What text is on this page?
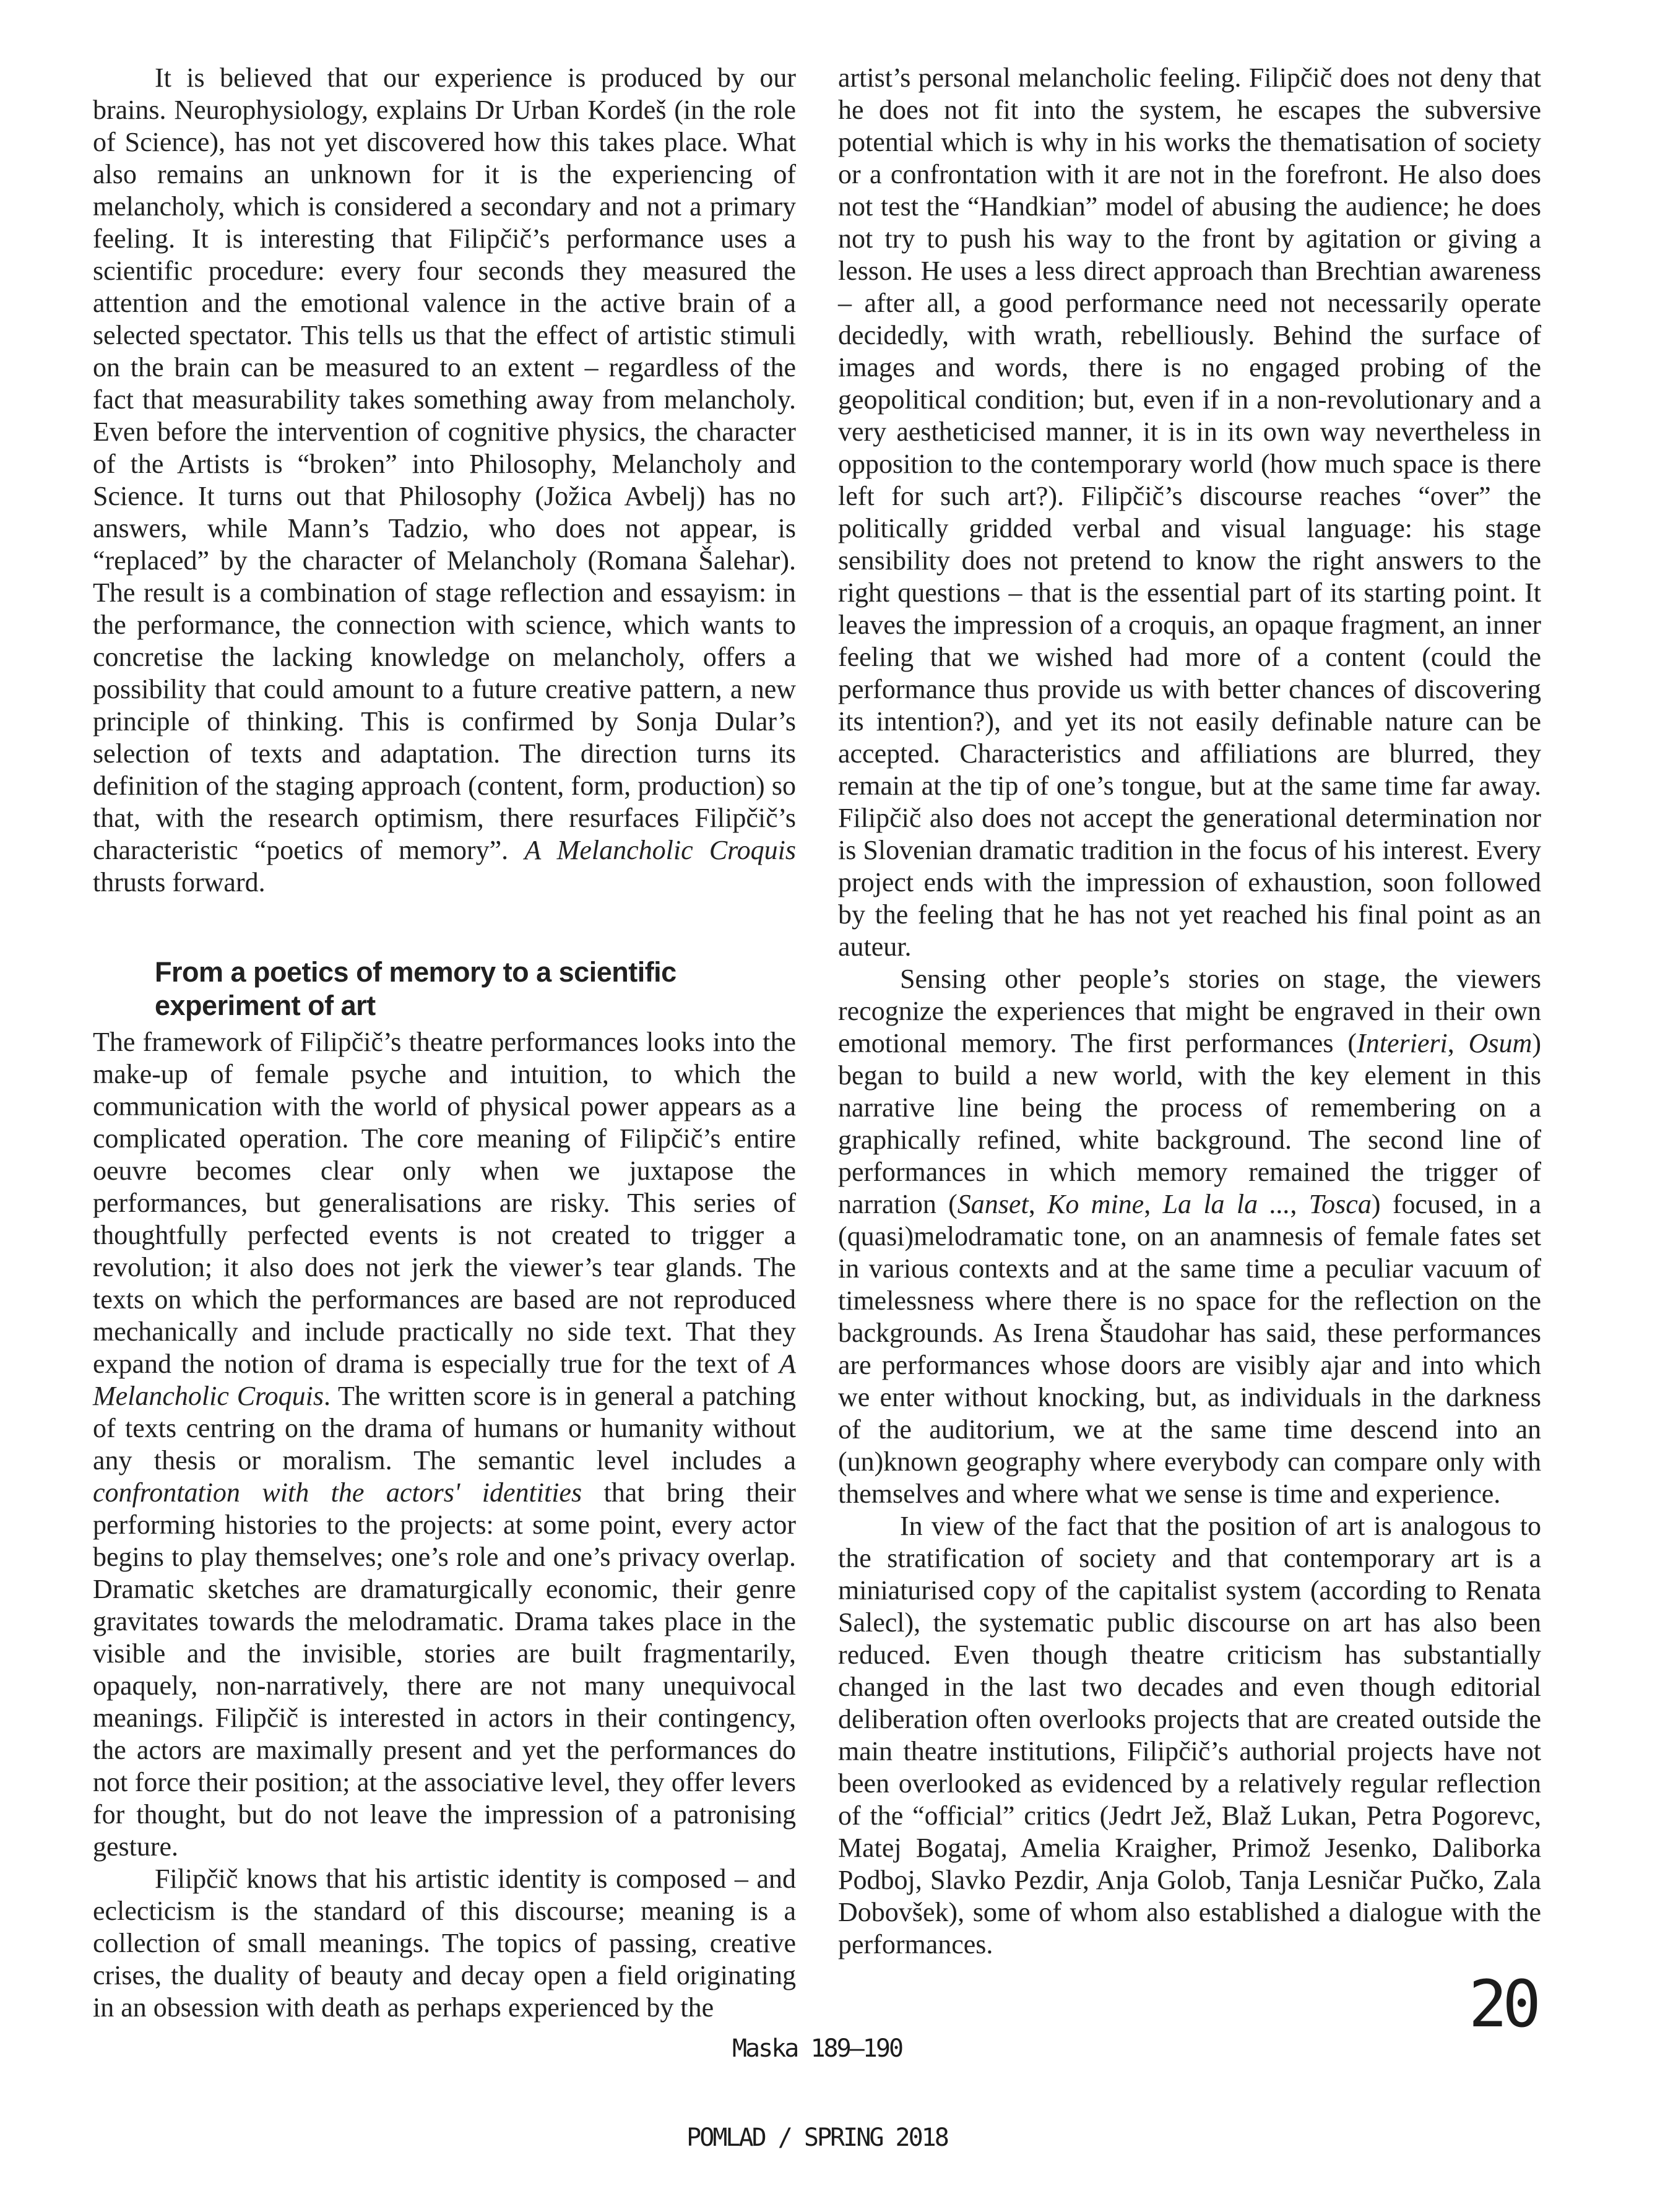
It is believed that our experience is produced by our brains. Neurophysiology, explains Dr Urban Kordeš (in the role of Science), has not yet discovered how this takes place. What also remains an unknown for it is the experiencing of melancholy, which is considered a secondary and not a primary feeling. It is interesting that Filipčič’s performance uses a scientific procedure: every four seconds they measured the attention and the emotional valence in the active brain of a selected spectator. This tells us that the effect of artistic stimuli on the brain can be measured to an extent – regardless of the fact that measurability takes something away from melancholy. Even before the intervention of cognitive physics, the character of the Artists is “broken” into Philosophy, Melancholy and Science. It turns out that Philosophy (Jožica Avbelj) has no answers, while Mann’s Tadzio, who does not appear, is “replaced” by the character of Melancholy (Romana Šalehar). The result is a combination of stage reflection and essayism: in the performance, the connection with science, which wants to concretise the lacking knowledge on melancholy, offers a possibility that could amount to a future creative pattern, a new principle of thinking. This is confirmed by Sonja Dular’s selection of texts and adaptation. The direction turns its definition of the staging approach (content, form, production) so that, with the research optimism, there resurfaces Filipčič’s characteristic “poetics of memory”. A Melancholic Croquis thrusts forward.

From a poetics of memory to a scientific experiment of art

The framework of Filipčič’s theatre performances looks into the make-up of female psyche and intuition, to which the communication with the world of physical power appears as a complicated operation. The core meaning of Filipčič’s entire oeuvre becomes clear only when we juxtapose the performances, but generalisations are risky. This series of thoughtfully perfected events is not created to trigger a revolution; it also does not jerk the viewer’s tear glands. The texts on which the performances are based are not reproduced mechanically and include practically no side text. That they expand the notion of drama is especially true for the text of A Melancholic Croquis. The written score is in general a patching of texts centring on the drama of humans or humanity without any thesis or moralism. The semantic level includes a confrontation with the actors' identities that bring their performing histories to the projects: at some point, every actor begins to play themselves; one’s role and one’s privacy overlap. Dramatic sketches are dramaturgically economic, their genre gravitates towards the melodramatic. Drama takes place in the visible and the invisible, stories are built fragmentarily, opaquely, non-narratively, there are not many unequivocal meanings. Filipčič is interested in actors in their contingency, the actors are maximally present and yet the performances do not force their position; at the associative level, they offer levers for thought, but do not leave the impression of a patronising gesture.

Filipčič knows that his artistic identity is composed – and eclecticism is the standard of this discourse; meaning is a collection of small meanings. The topics of passing, creative crises, the duality of beauty and decay open a field originating in an obsession with death as perhaps experienced by the

artist’s personal melancholic feeling. Filipčič does not deny that he does not fit into the system, he escapes the subversive potential which is why in his works the thematisation of society or a confrontation with it are not in the forefront. He also does not test the “Handkian” model of abusing the audience; he does not try to push his way to the front by agitation or giving a lesson. He uses a less direct approach than Brechtian awareness – after all, a good performance need not necessarily operate decidedly, with wrath, rebelliously. Behind the surface of images and words, there is no engaged probing of the geopolitical condition; but, even if in a non-revolutionary and a very aestheticised manner, it is in its own way nevertheless in opposition to the contemporary world (how much space is there left for such art?). Filipčič’s discourse reaches “over” the politically gridded verbal and visual language: his stage sensibility does not pretend to know the right answers to the right questions – that is the essential part of its starting point. It leaves the impression of a croquis, an opaque fragment, an inner feeling that we wished had more of a content (could the performance thus provide us with better chances of discovering its intention?), and yet its not easily definable nature can be accepted. Characteristics and affiliations are blurred, they remain at the tip of one’s tongue, but at the same time far away. Filipčič also does not accept the generational determination nor is Slovenian dramatic tradition in the focus of his interest. Every project ends with the impression of exhaustion, soon followed by the feeling that he has not yet reached his final point as an auteur.

Sensing other people’s stories on stage, the viewers recognize the experiences that might be engraved in their own emotional memory. The first performances (Interieri, Osum) began to build a new world, with the key element in this narrative line being the process of remembering on a graphically refined, white background. The second line of performances in which memory remained the trigger of narration (Sanset, Ko mine, La la la ..., Tosca) focused, in a (quasi)melodramatic tone, on an anamnesis of female fates set in various contexts and at the same time a peculiar vacuum of timelessness where there is no space for the reflection on the backgrounds. As Irena Štaudohar has said, these performances are performances whose doors are visibly ajar and into which we enter without knocking, but, as individuals in the darkness of the auditorium, we at the same time descend into an (un)known geography where everybody can compare only with themselves and where what we sense is time and experience.

In view of the fact that the position of art is analogous to the stratification of society and that contemporary art is a miniaturised copy of the capitalist system (according to Renata Salecl), the systematic public discourse on art has also been reduced. Even though theatre criticism has substantially changed in the last two decades and even though editorial deliberation often overlooks projects that are created outside the main theatre institutions, Filipčič’s authorial projects have not been overlooked as evidenced by a relatively regular reflection of the “official” critics (Jedrt Jež, Blaž Lukan, Petra Pogorevc, Matej Bogataj, Amelia Kraigher, Primož Jesenko, Daliborka Podboj, Slavko Pezdir, Anja Golob, Tanja Lesničar Pučko, Zala Dobovšek), some of whom also established a dialogue with the performances.

Maska 189–190

POMLAD / SPRING 2018

20
